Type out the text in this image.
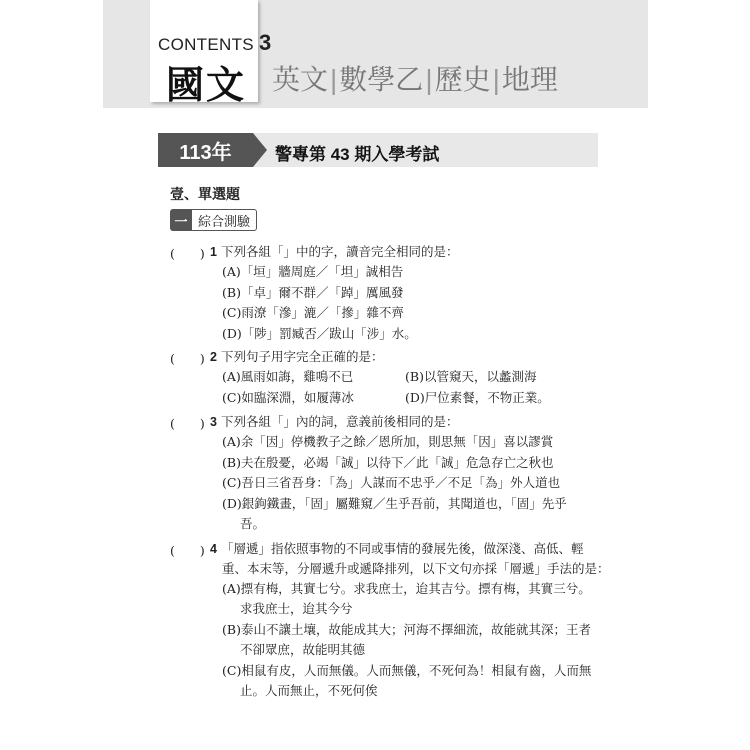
CONTENTS 3
國文 英文|數學乙|歷史|地理
113年	警專第 43 期入學考試
壹、單選題
一 綜合測驗
(　　) 1 下列各組「」中的字，讀音完全相同的是：
(A)「垣」牆周庭／「坦」誠相告
(B)「卓」爾不群／「踔」厲風發
(C)雨潦「滲」漉／「摻」雜不齊
(D)「陟」罰臧否／跋山「涉」水。
(　　) 2 下列句子用字完全正確的是：
(A)風雨如誨，雞鳴不已	(B)以管窺天，以蠡測海
(C)如臨深淵，如履薄冰	(D)尸位素餐，不物正業。
(　　) 3 下列各組「」內的詞，意義前後相同的是：
(A)余「因」停機教子之餘／恩所加，則思無「因」喜以謬賞
(B)夫在殷憂，必竭「誠」以待下／此「誠」危急存亡之秋也
(C)吾日三省吾身：「為」人謀而不忠乎／不足「為」外人道也
(D)銀鉤鐵畫，「固」屬難窺／生乎吾前，其聞道也，「固」先乎
吾。
(　　) 4 「層遞」指依照事物的不同或事情的發展先後，做深淺、高低、輕
重、本末等，分層遞升或遞降排列，以下文句亦採「層遞」手法的是：
(A)摽有梅，其實七兮。求我庶士，迨其吉兮。摽有梅，其實三兮。
求我庶士，迨其今兮
(B)泰山不讓土壤，故能成其大；河海不擇細流，故能就其深；王者
不卻眾庶，故能明其德
(C)相鼠有皮，人而無儀。人而無儀，不死何為！相鼠有齒，人而無
止。人而無止，不死何俟
